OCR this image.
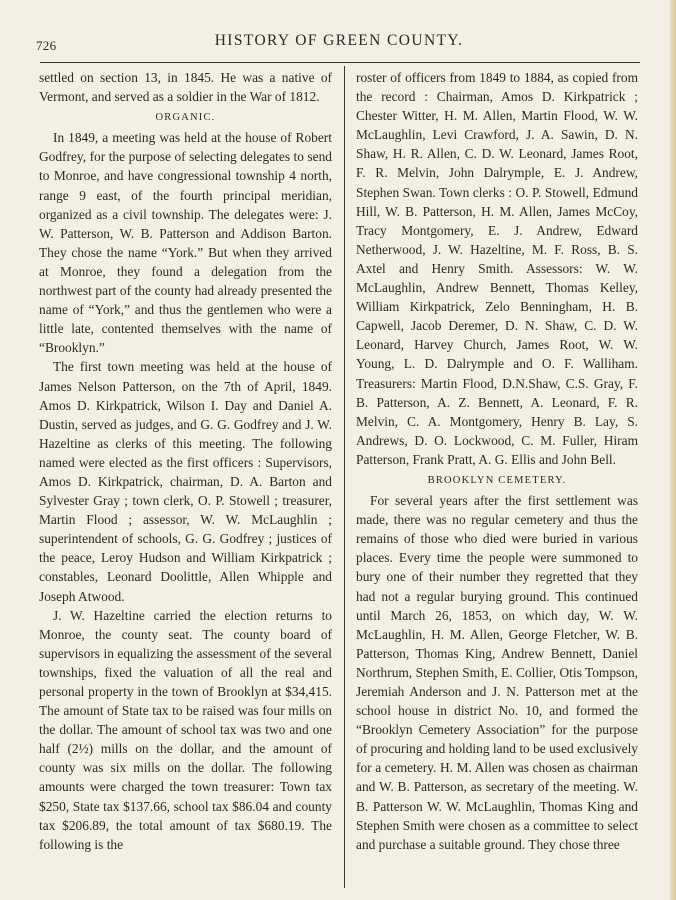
726	HISTORY OF GREEN COUNTY.

settled on section 13, in 1845. He was a native of Vermont, and served as a soldier in the War of 1812.

ORGANIC.

In 1849, a meeting was held at the house of Robert Godfrey, for the purpose of selecting delegates to send to Monroe, and have congressional township 4 north, range 9 east, of the fourth principal meridian, organized as a civil township. The delegates were: J. W. Patterson, W. B. Patterson and Addison Barton. They chose the name “York.” But when they arrived at Monroe, they found a delegation from the northwest part of the county had already presented the name of “York,” and thus the gentlemen who were a little late, contented themselves with the name of “Brooklyn.”

The first town meeting was held at the house of James Nelson Patterson, on the 7th of April, 1849. Amos D. Kirkpatrick, Wilson I. Day and Daniel A. Dustin, served as judges, and G. G. Godfrey and J. W. Hazeltine as clerks of this meeting. The following named were elected as the first officers : Supervisors, Amos D. Kirkpatrick, chairman, D. A. Barton and Sylvester Gray ; town clerk, O. P. Stowell ; treasurer, Martin Flood ; assessor, W. W. McLaughlin ; superintendent of schools, G. G. Godfrey ; justices of the peace, Leroy Hudson and William Kirkpatrick ; constables, Leonard Doolittle, Allen Whipple and Joseph Atwood.

J. W. Hazeltine carried the election returns to Monroe, the county seat. The county board of supervisors in equalizing the assessment of the several townships, fixed the valuation of all the real and personal property in the town of Brooklyn at $34,415. The amount of State tax to be raised was four mills on the dollar. The amount of school tax was two and one half (2½) mills on the dollar, and the amount of county was six mills on the dollar. The following amounts were charged the town treasurer: Town tax $250, State tax $137.66, school tax $86.04 and county tax $206.89, the total amount of tax $680.19. The following is the

roster of officers from 1849 to 1884, as copied from the record : Chairman, Amos D. Kirkpatrick ; Chester Witter, H. M. Allen, Martin Flood, W. W. McLaughlin, Levi Crawford, J. A. Sawin, D. N. Shaw, H. R. Allen, C. D. W. Leonard, James Root, F. R. Melvin, John Dalrymple, E. J. Andrew, Stephen Swan. Town clerks : O. P. Stowell, Edmund Hill, W. B. Patterson, H. M. Allen, James McCoy, Tracy Montgomery, E. J. Andrew, Edward Netherwood, J. W. Hazeltine, M. F. Ross, B. S. Axtel and Henry Smith. Assessors: W. W. McLaughlin, Andrew Bennett, Thomas Kelley, William Kirkpatrick, Zelo Benningham, H. B. Capwell, Jacob Deremer, D. N. Shaw, C. D. W. Leonard, Harvey Church, James Root, W. W. Young, L. D. Dalrymple and O. F. Walliham. Treasurers: Martin Flood, D.N.Shaw, C.S. Gray, F. B. Patterson, A. Z. Bennett, A. Leonard, F. R. Melvin, C. A. Montgomery, Henry B. Lay, S. Andrews, D. O. Lockwood, C. M. Fuller, Hiram Patterson, Frank Pratt, A. G. Ellis and John Bell.

BROOKLYN CEMETERY.

For several years after the first settlement was made, there was no regular cemetery and thus the remains of those who died were buried in various places. Every time the people were summoned to bury one of their number they regretted that they had not a regular burying ground. This continued until March 26, 1853, on which day, W. W. McLaughlin, H. M. Allen, George Fletcher, W. B. Patterson, Thomas King, Andrew Bennett, Daniel Northrum, Stephen Smith, E. Collier, Otis Tompson, Jeremiah Anderson and J. N. Patterson met at the school house in district No. 10, and formed the “Brooklyn Cemetery Association” for the purpose of procuring and holding land to be used exclusively for a cemetery. H. M. Allen was chosen as chairman and W. B. Patterson, as secretary of the meeting. W. B. Patterson W. W. McLaughlin, Thomas King and Stephen Smith were chosen as a committee to select and purchase a suitable ground. They chose three
